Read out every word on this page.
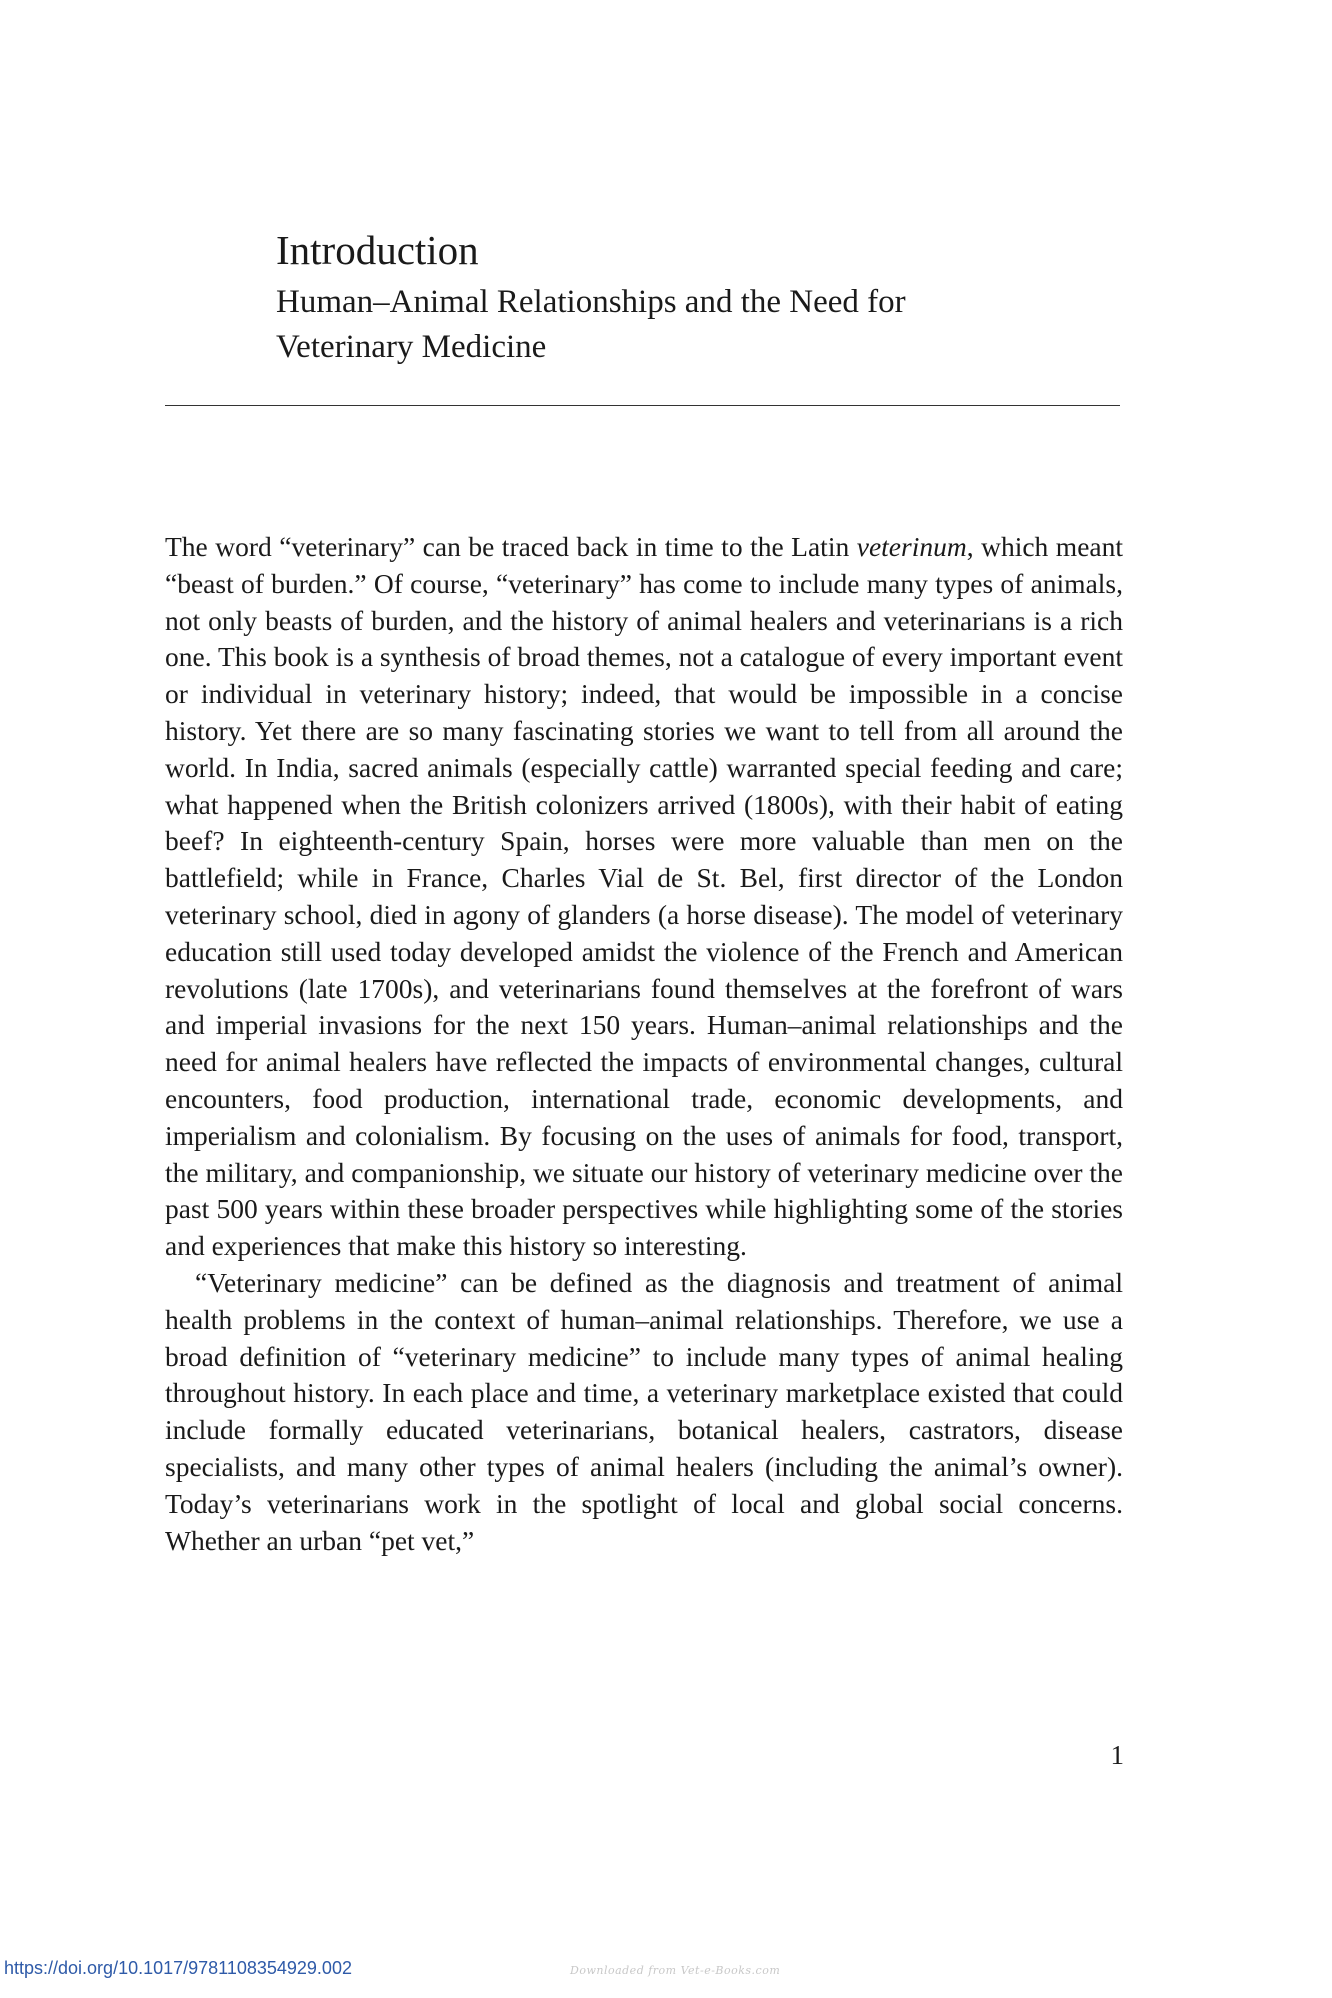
Introduction
Human–Animal Relationships and the Need for
Veterinary Medicine

The word “veterinary” can be traced back in time to the Latin veterinum, which meant “beast of burden.” Of course, “veterinary” has come to include many types of animals, not only beasts of burden, and the history of animal healers and veterinarians is a rich one. This book is a synthesis of broad themes, not a catalogue of every important event or individual in veterinary history; indeed, that would be impossible in a concise history. Yet there are so many fascinating stories we want to tell from all around the world. In India, sacred animals (especially cattle) warranted special feeding and care; what happened when the British colonizers arrived (1800s), with their habit of eating beef? In eighteenth-century Spain, horses were more valuable than men on the battlefield; while in France, Charles Vial de St. Bel, first director of the London veterinary school, died in agony of glanders (a horse disease). The model of veterinary education still used today developed amidst the violence of the French and American revolutions (late 1700s), and veterinarians found themselves at the forefront of wars and imperial invasions for the next 150 years. Human–animal relationships and the need for animal healers have reflected the impacts of environmental changes, cultural encounters, food production, international trade, economic developments, and imperialism and colonialism. By focusing on the uses of animals for food, transport, the military, and companionship, we situate our history of veterinary medicine over the past 500 years within these broader perspectives while highlighting some of the stories and experiences that make this history so interesting.

“Veterinary medicine” can be defined as the diagnosis and treatment of animal health problems in the context of human–animal relationships. Therefore, we use a broad definition of “veterinary medicine” to include many types of animal healing throughout history. In each place and time, a veterinary marketplace existed that could include formally educated veterinarians, botanical healers, castrators, disease specialists, and many other types of animal healers (including the animal’s owner). Today’s veterinarians work in the spotlight of local and global social concerns. Whether an urban “pet vet,”

1
https://doi.org/10.1017/9781108354929.002	Downloaded from Vet-e-Books.com
